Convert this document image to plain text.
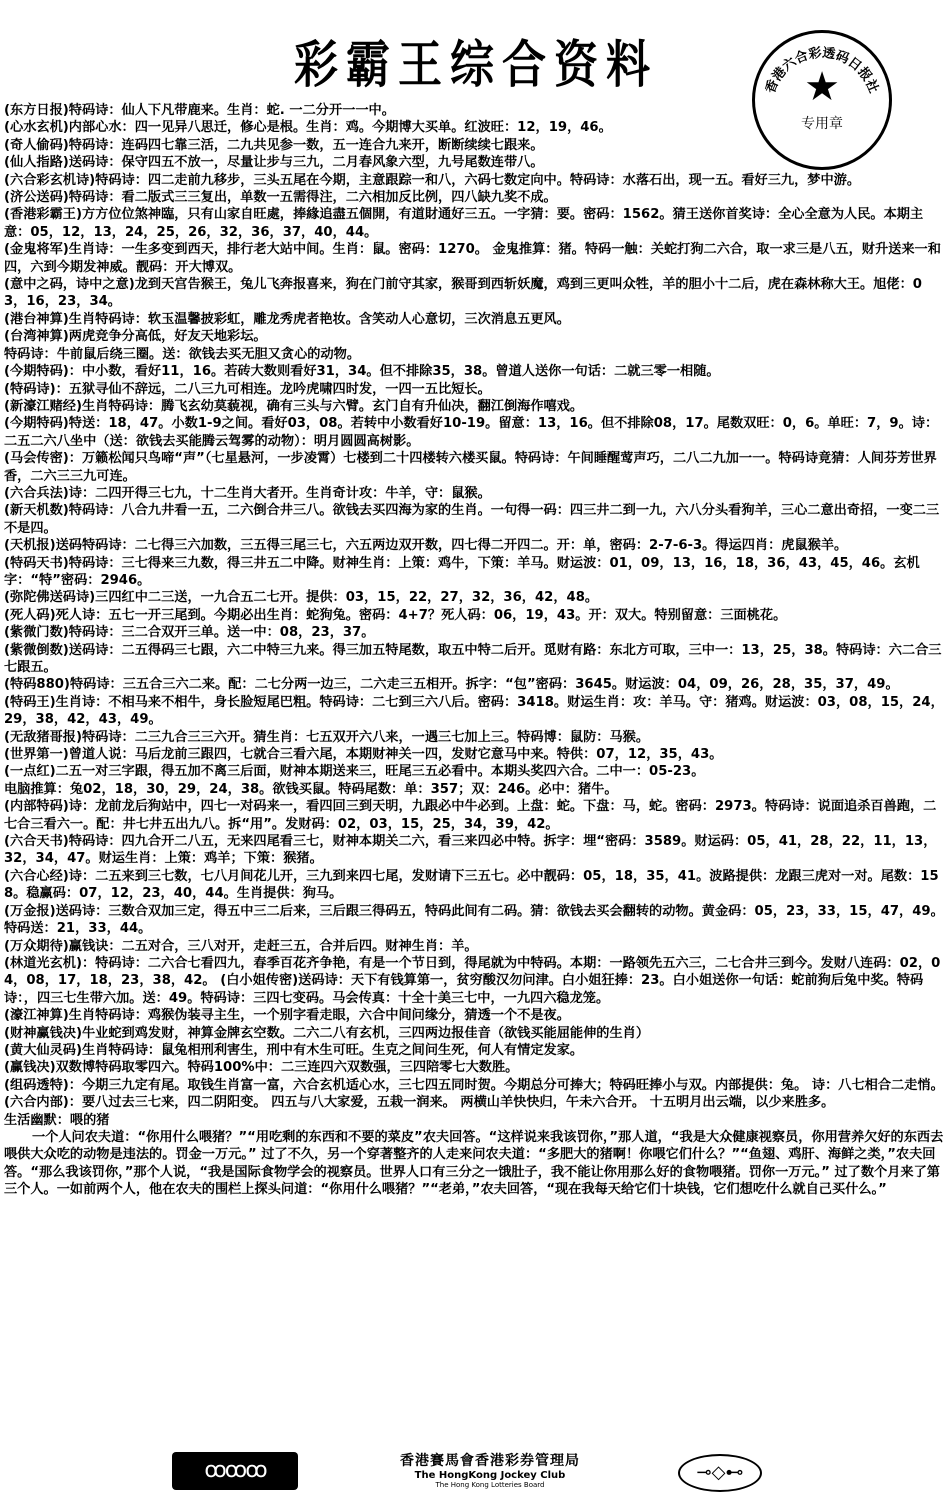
彩霸王综合资料	香港六合彩透码日报社
★
专用章
(东方日报)特码诗：仙人下凡带鹿来。生肖：蛇. 一二分开一一中。
(心水玄机)内部心水：四一见异八思迁，修心是根。生肖：鸡。今期博大买单。红波旺：12，19，46。
(奇人偷码)特码诗：连码四七靠三活，二九共见参一数，五一连合九来开，断断续续七跟来。
(仙人指路)送码诗：保守四五不放一，尽量让步与三九，二月春风象六型，九号尾数连带八。
(六合彩玄机诗)特码诗：四二走前九移步，三头五尾在今期，主意跟踪一和八，六码七数定向中。特码诗：水落石出，现一五。看好三九，梦中游。
(济公送码)特码诗：看二版式三三复出，单数一五需得注，二六相加反比例，四八缺九奖不成。
(香港彩霸王)方方位位煞神臨，只有山家自旺處，捧緣追盡五個開，有道財通好三五。一字猜：要。密码：1562。猜王送你首奖诗：全心全意为人民。本期主意：05，12，13，24，25，26，32，36，37，40，44。
(金鬼将军)生肖诗：一生多变到西天，排行老大站中间。生肖：鼠。密码：1270。 金鬼推算：猪。特码一触：关蛇打狗二六合，取一求三是八五，财升送来一和四，六到今期发神威。靓码：开大博双。
(意中之码，诗中之意)龙到天宫告猴王，兔儿飞奔报喜来，狗在门前守其家，猴哥到西斩妖魔，鸡到三更叫众牲，羊的胆小十二后，虎在森林称大王。旭佬：03，16，23，34。
(港台神算)生肖特码诗：软玉温馨披彩虹，雕龙秀虎者艳妆。含笑动人心意切，三次消息五更风。
(台湾神算)两虎竞争分高低，好友天地彩坛。
特码诗：牛前鼠后绕三圈。送：欲钱去买无胆又贪心的动物。
(今期特码)：中小数，看好11，16。若砖大数则看好31，34。但不排除35，38。曾道人送你一句话：二就三零一相随。
(特码诗)：五狱寻仙不辞远，二八三九可相连。龙吟虎啸四时发，一四一五比短长。
(新濠江赌经)生肖特码诗：腾飞玄幼莫藐视，确有三头与六臂。玄门自有升仙决，翻江倒海作嘻戏。
(今期特码)特送：18，47。小数1-9之间。看好03，08。若转中小数看好10-19。留意：13，16。但不排除08，17。尾数双旺：0，6。单旺：7，9。诗：二五二六八坐中（送：欲钱去买能腾云驾雾的动物）：明月圆圆高树影。
(马会传密)：万籁松闻只鸟啼“声”（七星悬河，一步凌霄）七楼到二十四楼转六楼买鼠。特码诗：午间睡醒莺声巧，二八二九加一一。特码诗竟猜：人间芬芳世界香，二六三三九可连。
(六合兵法)诗：二四开得三七九，十二生肖大者开。生肖奇计攻：牛羊，守：鼠猴。
(新天机数)特码诗：八合九井看一五，二六倒合井三八。欲钱去买四海为家的生肖。一句得一码：四三井二到一九，六八分头看狗羊，三心二意出奇招，一变二三不是四。
(天机报)送码特码诗：二七得三六加数，三五得三尾三七，六五两边双开数，四七得二开四二。开：单，密码：2-7-6-3。得运四肖：虎鼠猴羊。
(特码天书)特码诗：三七得来三九数，得三井五二中降。财神生肖：上策：鸡牛，下策：羊马。财运波：01，09，13，16，18，36，43，45，46。玄机字：“特”密码：2946。
(弥陀佛送码诗)三四红中二三送，一九合五二七开。提供：03，15，22，27，32，36，42，48。
(死人码)死人诗：五七一开三尾到。今期必出生肖：蛇狗兔。密码：4+7？死人码：06，19，43。开：双大。特别留意：三面桃花。
(紫微门数)特码诗：三二合双开三单。送一中：08，23，37。
(紫微倒数)送码诗：二五得码三七跟，六二中特三九来。得三加五特尾数，取五中特二后开。觅财有路：东北方可取，三中一：13，25，38。特码诗：六二合三七跟五。
(特码880)特码诗：三五合三六二来。配：二七分两一边三，二六走三五相开。拆字：“包”密码：3645。财运波：04，09，26，28，35，37，49。
(特码王)生肖诗：不相马来不相牛，身长脸短尾巴粗。特码诗：二七到三六八后。密码：3418。财运生肖：攻：羊马。守：猪鸡。财运波：03，08，15，24，29，38，42，43，49。
(无敌猪哥报)特码诗：二三九合三三六开。猜生肖：七五双开六八来，一遇三七加上三。特码博：鼠防：马猴。
(世界第一)曾道人说：马后龙前三跟四，七就合三看六尾，本期财神关一四，发财它意马中来。特供：07，12，35，43。
(一点红)二五一对三字跟，得五加不离三后面，财神本期送来三，旺尾三五必看中。本期头奖四六合。二中一：05-23。
电脑推算：兔02，18，30，29，24，38。欲钱买鼠。特码尾数：单：357；双：246。必中：猪牛。
(内部特码)诗：龙前龙后狗站中，四七一对码来一，看四回三到天明，九跟必中牛必到。上盘：蛇。下盘：马，蛇。密码：2973。特码诗：说面追杀百兽跑，二七合三看六一。配：井七井五出九八。拆“用”。发财码：02，03，15，25，34，39，42。
(六合天书)特码诗：四九合开二八五，无来四尾看三七，财神本期关二六，看三来四必中特。拆字：埋“密码：3589。财运码：05，41，28，22，11，13，32，34，47。财运生肖：上策：鸡羊；下策：猴猪。
(六合心经)诗：二五来到三七数，七八月间花儿开，三九到来四七尾，发财请下三五七。必中靓码：05，18，35，41。波路提供：龙跟三虎对一对。尾数：158。稳赢码：07，12，23，40，44。生肖提供：狗马。
(万金报)送码诗：三数合双加三定，得五中三二后来，三后跟三得码五，特码此间有二码。猜：欲钱去买会翻转的动物。黄金码：05，23，33，15，47，49。特码送：21，33，44。
(万众期待)赢钱诀：二五对合，三八对开，走赶三五，合并后四。财神生肖：羊。
(林道光玄机)：特码诗：二六合七看四九，春季百花齐争艳，有是一个节日到，得尾就为中特码。本期：一路领先五六三，二七合井三到今。发财八连码：02，04，08，17，18，23，38，42。 (白小姐传密)送码诗：天下有钱算第一，贫穷酸汉勿问津。白小姐狂捧：23。白小姐送你一句话：蛇前狗后兔中奖。特码诗：，四三七生带六加。送：49。特码诗：三四七变码。马会传真：十全十美三七中，一九四六稳龙笼。
(濠江神算)生肖特码诗：鸡猴伪装寻主生，一个别字看走眼，六合中间问缘分，猜透一个不是夜。
(财神赢钱决)牛业蛇到鸡发财，神算金牌玄空数。二六二八有玄机，三四两边报佳音（欲钱买能屈能伸的生肖）
(黄大仙灵码)生肖特码诗：鼠兔相刑利害生，刑中有木生可旺。生克之间问生死，何人有情定发家。
(赢钱决)双数博特码取零四六。特码100%中：二三连四六双数强，三四陪零七大数胜。
(组码透特)：今期三九定有尾。取钱生肖富一富，六合玄机适心水，三七四五同时贺。今期总分可捧大；特码旺捧小与双。内部提供：兔。 诗：八七相合二走悄。
(六合内部)：要八过去三七来，四二阴阳变。 四五与八大家爱，五栽一润来。 两横山羊快快归，午未六合开。 十五明月出云端，以少来胜多。
生活幽默：喂的猪
一个人问农夫道：“你用什么喂猪？”“用吃剩的东西和不要的菜皮”农夫回答。“这样说来我该罚你，”那人道，“我是大众健康视察员，你用营养欠好的东西去喂供大众吃的动物是违法的。罚金一万元。” 过了不久，另一个穿著整齐的人走来问农夫道：“多肥大的猪啊！你喂它们什么？”“鱼翅、鸡肝、海鲜之类，”农夫回答。“那么我该罚你，”那个人说，“我是国际食物学会的视察员。世界人口有三分之一饿肚子，我不能让你用那么好的食物喂猪。罚你一万元。” 过了数个月来了第三个人。一如前两个人，他在农夫的围栏上探头问道：“你用什么喂猪？”“老弟，”农夫回答，“现在我每天给它们十块钱，它们想吃什么就自己买什么。”
ꝏꝏꝏ	香港賽馬會香港彩券管理局
The HongKong Jockey Club
The Hong Kong Lotteries Board
⊸◇⊷
